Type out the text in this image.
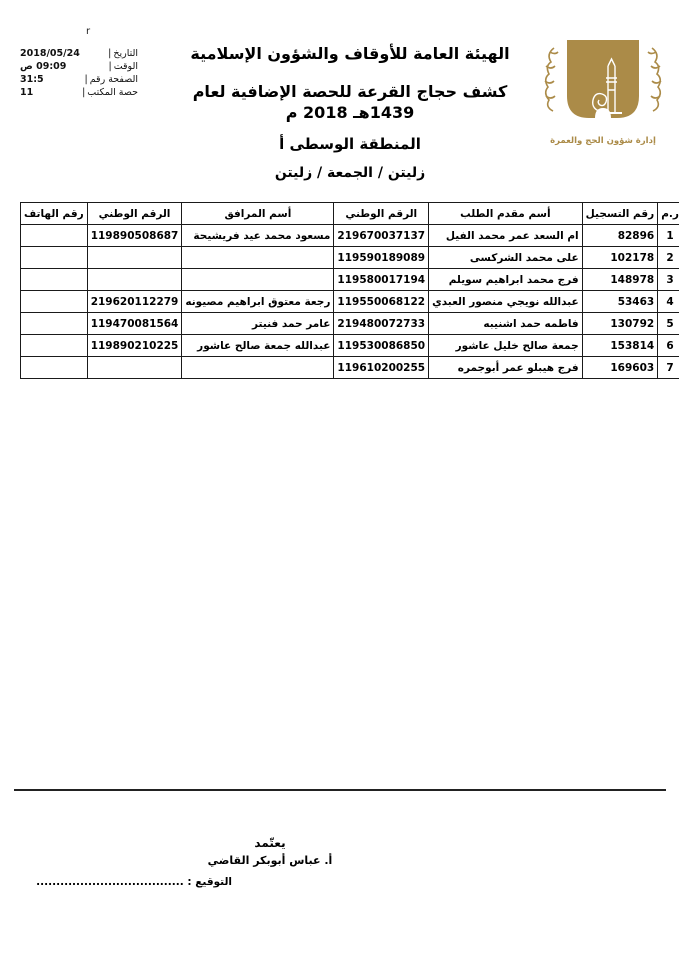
r
التاريخ
|
2018/05/24
الوقت
|
09:09 ص
الصفحة رقم
|
31:5
حصة المكتب
|
11
الهيئة العامة للأوقاف والشؤون الإسلامية
كشف حجاج القرعة للحصة الإضافية لعام
1439هـ 2018 م
المنطقة الوسطى أ
زليتن / الجمعة / زليتن
إدارة شؤون الحج والعمرة
ر.م	رقم التسجيل	أسم مقدم الطلب	الرقم الوطني	أسم المرافق	الرقم الوطني	رقم الهاتف
1	82896	ام السعد عمر محمد الفيل	219670037137	مسعود محمد عيد فريشيحة	119890508687	
2	102178	على محمد الشركسى	119590189089			
3	148978	فرج محمد ابراهيم سويلم	119580017194			
4	53463	عبدالله نويجي منصور العبدي	119550068122	رجعة معتوق ابراهيم مصيونه	219620112279	
5	130792	فاطمه حمد اشنيبه	219480072733	عامر حمد فنيتر	119470081564	
6	153814	جمعة صالح خليل عاشور	119530086850	عبدالله جمعة صالح عاشور	119890210225	
7	169603	فرج هيبلو عمر أبوجمره	119610200255			
يعتّمد
أ. عباس أبوبكر القاضي
التوقيع : .....................................
